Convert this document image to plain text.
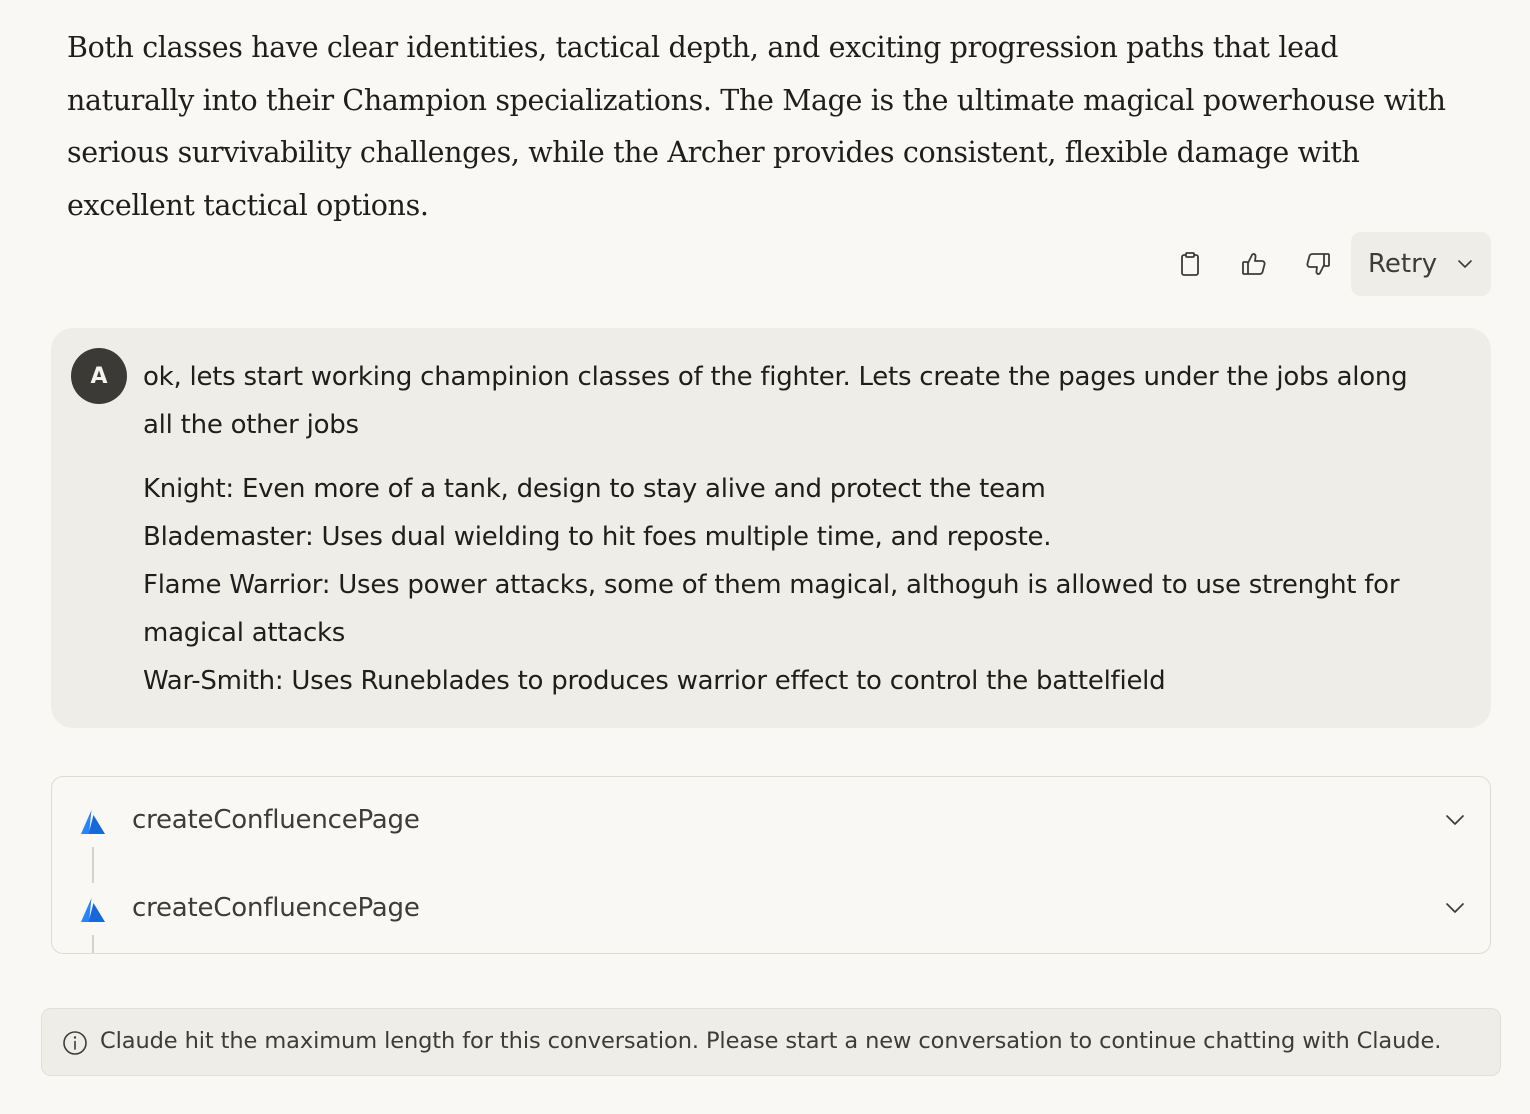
Both classes have clear identities, tactical depth, and exciting progression paths that lead naturally into their Champion specializations. The Mage is the ultimate magical powerhouse with serious survivability challenges, while the Archer provides consistent, flexible damage with excellent tactical options.

Retry
A	ok, lets start working champinion classes of the fighter. Lets create the pages under the jobs along all the other jobs
Knight: Even more of a tank, design to stay alive and protect the team
Blademaster: Uses dual wielding to hit foes multiple time, and reposte.
Flame Warrior: Uses power attacks, some of them magical, althoguh is allowed to use strenght for magical attacks
War-Smith: Uses Runeblades to produces warrior effect to control the battelfield
createConfluencePage
createConfluencePage
Claude hit the maximum length for this conversation. Please start a new conversation to continue chatting with Claude.
